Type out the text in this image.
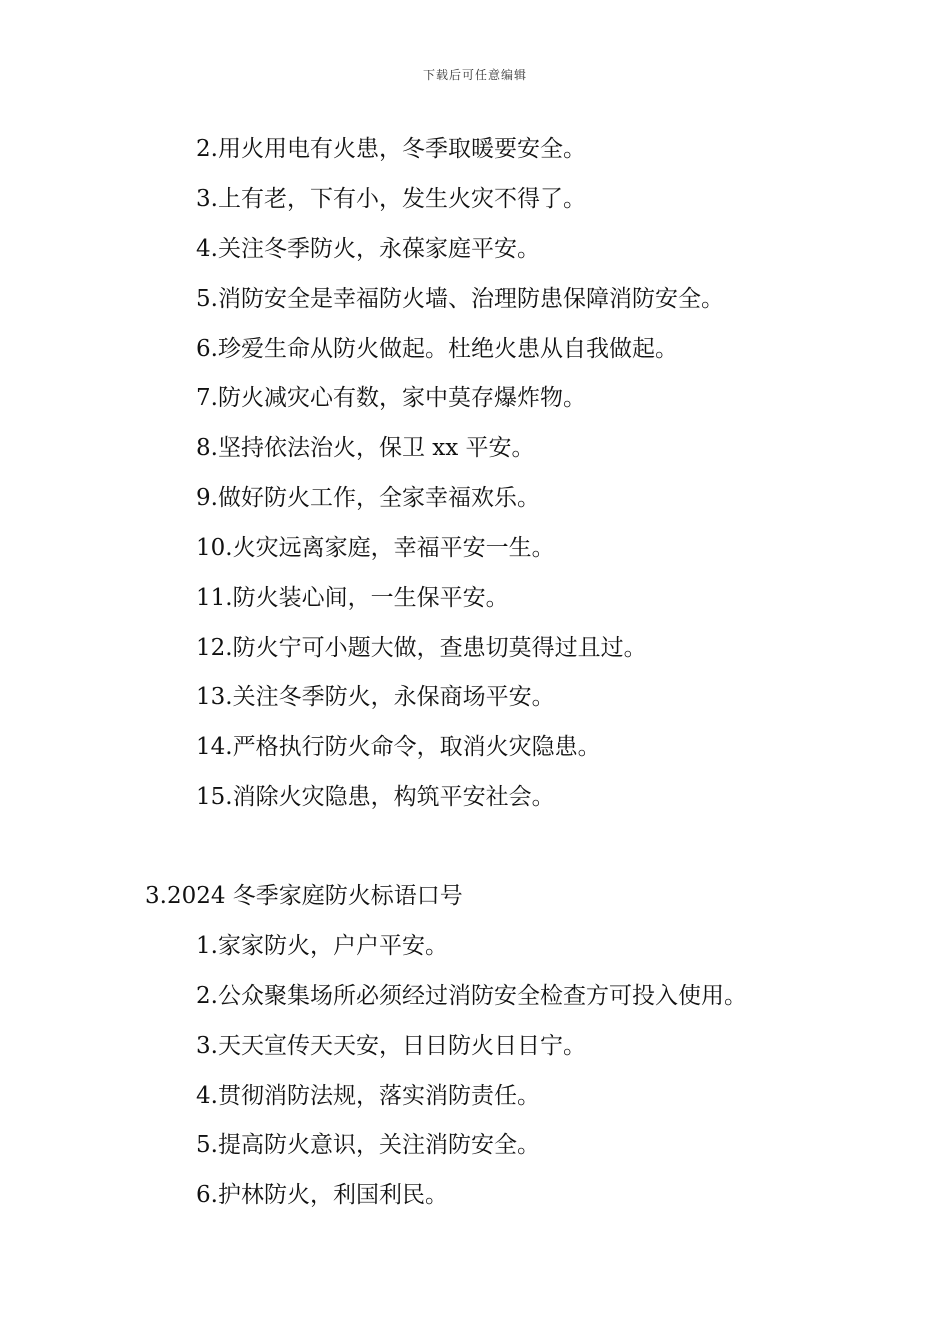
下载后可任意编辑
2.用火用电有火患，冬季取暖要安全。
3.上有老，下有小，发生火灾不得了。
4.关注冬季防火，永葆家庭平安。
5.消防安全是幸福防火墙、治理防患保障消防安全。
6.珍爱生命从防火做起。杜绝火患从自我做起。
7.防火减灾心有数，家中莫存爆炸物。
8.坚持依法治火，保卫 xx 平安。
9.做好防火工作，全家幸福欢乐。
10.火灾远离家庭，幸福平安一生。
11.防火装心间，一生保平安。
12.防火宁可小题大做，查患切莫得过且过。
13.关注冬季防火，永保商场平安。
14.严格执行防火命令，取消火灾隐患。
15.消除火灾隐患，构筑平安社会。
3.2024 冬季家庭防火标语口号
1.家家防火，户户平安。
2.公众聚集场所必须经过消防安全检查方可投入使用。
3.天天宣传天天安，日日防火日日宁。
4.贯彻消防法规，落实消防责任。
5.提高防火意识，关注消防安全。
6.护林防火，利国利民。
